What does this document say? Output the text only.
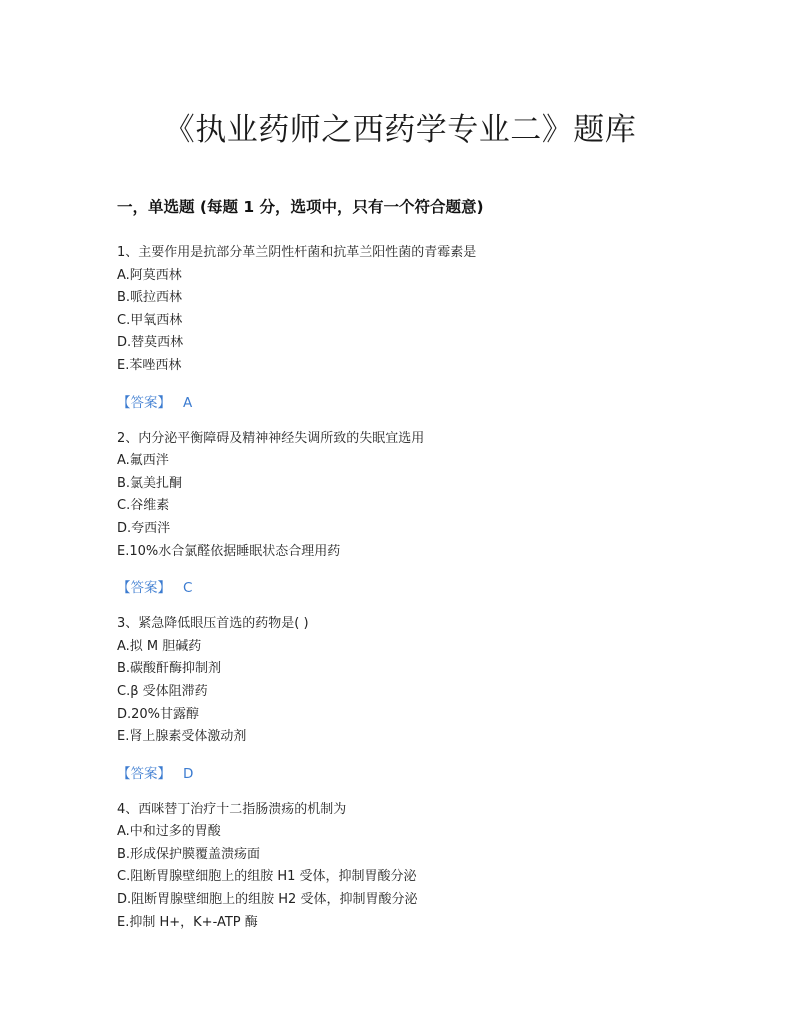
《执业药师之西药学专业二》题库
一，单选题 (每题 1 分，选项中，只有一个符合题意)
1、主要作用是抗部分革兰阴性杆菌和抗革兰阳性菌的青霉素是
A.阿莫西林
B.哌拉西林
C.甲氧西林
D.替莫西林
E.苯唑西林
【答案】 A
2、内分泌平衡障碍及精神神经失调所致的失眠宜选用
A.氟西泮
B.氯美扎酮
C.谷维素
D.夸西泮
E.10%水合氯醛依据睡眠状态合理用药
【答案】 C
3、紧急降低眼压首选的药物是( )
A.拟 M 胆碱药
B.碳酸酐酶抑制剂
C.β 受体阻滞药
D.20%甘露醇
E.肾上腺素受体激动剂
【答案】 D
4、西咪替丁治疗十二指肠溃疡的机制为
A.中和过多的胃酸
B.形成保护膜覆盖溃疡面
C.阻断胃腺壁细胞上的组胺 H1 受体，抑制胃酸分泌
D.阻断胃腺壁细胞上的组胺 H2 受体，抑制胃酸分泌
E.抑制 H+，K+-ATP 酶
